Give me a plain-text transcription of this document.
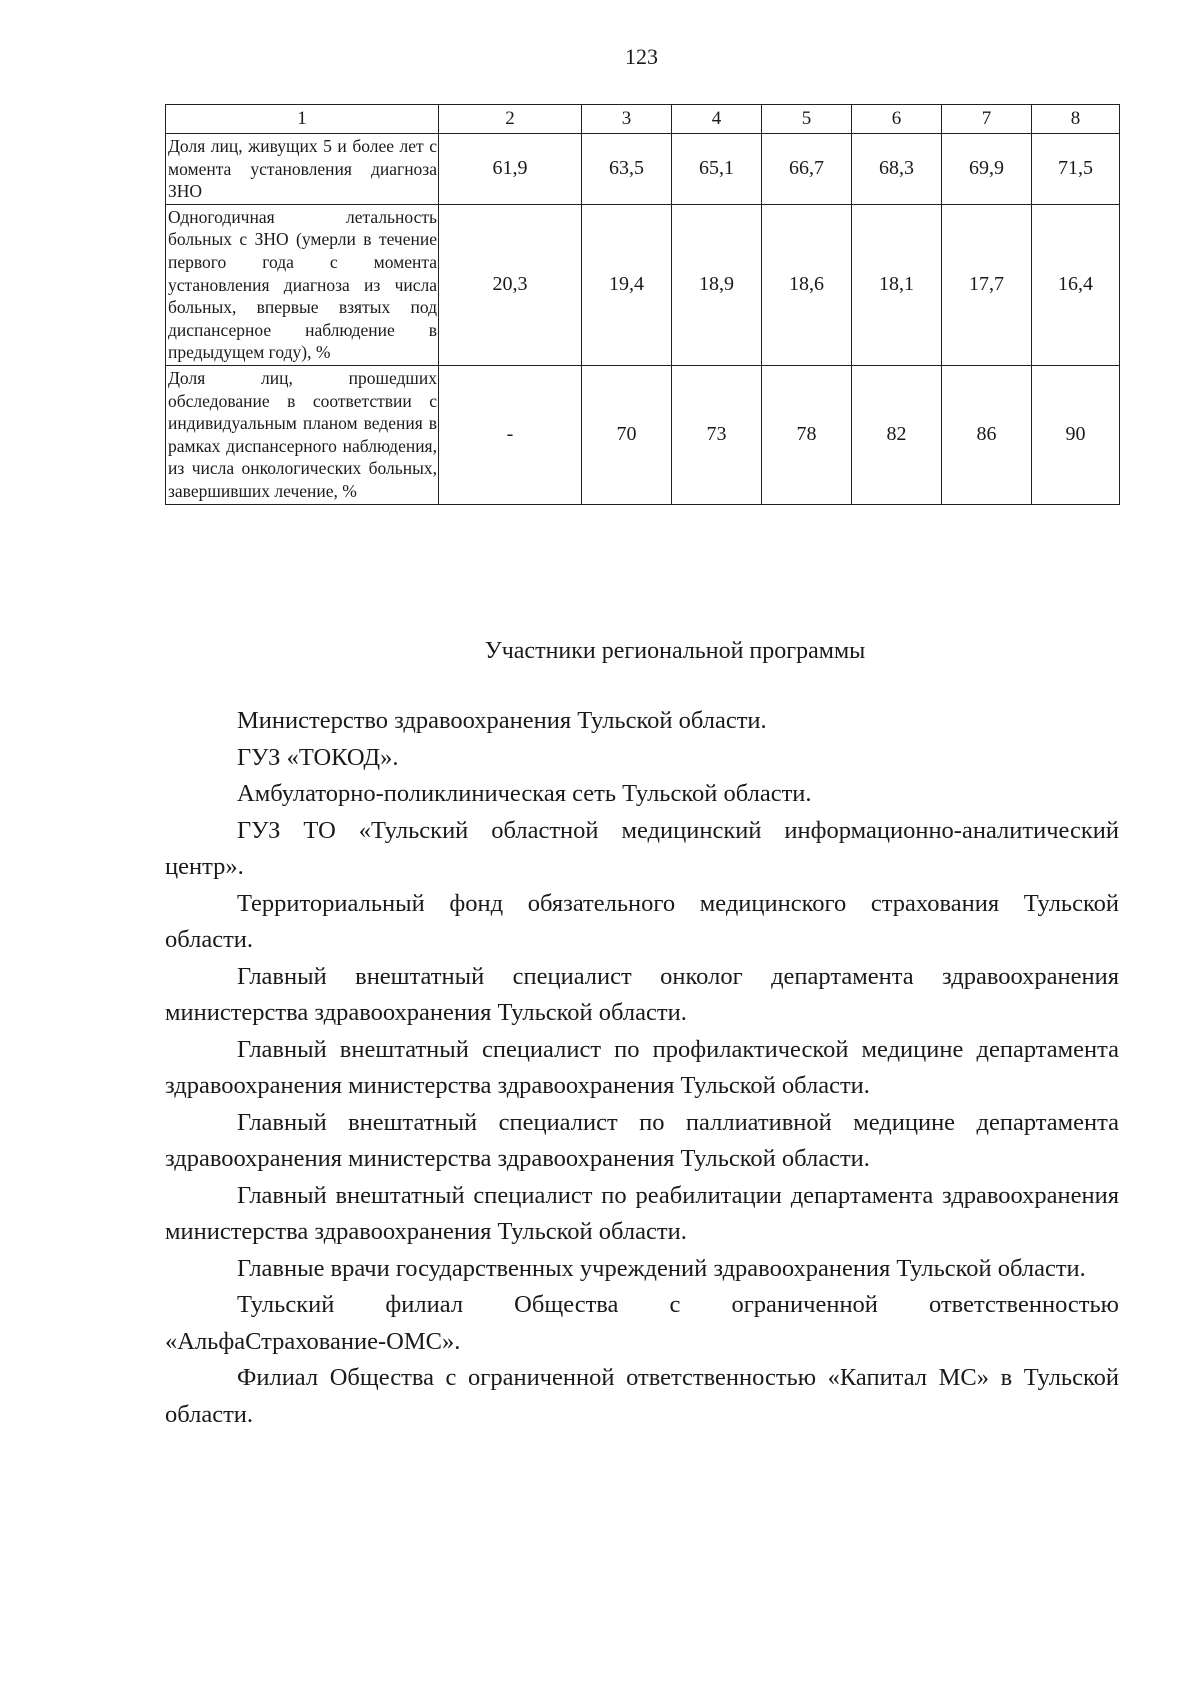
123
1	2	3	4	5	6	7	8
Доля лиц, живущих 5 и более лет с момента установления диагноза ЗНО	61,9	63,5	65,1	66,7	68,3	69,9	71,5
Одногодичная летальность больных с ЗНО (умерли в течение первого года с момента установления диагноза из числа больных, впервые взятых под диспансерное наблюдение в предыдущем году), %	20,3	19,4	18,9	18,6	18,1	17,7	16,4
Доля лиц, прошедших обследование в соответствии с индивидуальным планом ведения в рамках диспансерного наблюдения, из числа онкологических больных, завершивших лечение, %	-	70	73	78	82	86	90
Участники региональной программы

Министерство здравоохранения Тульской области.

ГУЗ «ТОКОД».

Амбулаторно-поликлиническая сеть Тульской области.

ГУЗ ТО «Тульский областной медицинский информационно-аналитический центр».

Территориальный фонд обязательного медицинского страхования Тульской области.

Главный внештатный специалист онколог департамента здравоохранения министерства здравоохранения Тульской области.

Главный внештатный специалист по профилактической медицине департамента здравоохранения министерства здравоохранения Тульской области.

Главный внештатный специалист по паллиативной медицине департамента здравоохранения министерства здравоохранения Тульской области.

Главный внештатный специалист по реабилитации департамента здравоохранения министерства здравоохранения Тульской области.

Главные врачи государственных учреждений здравоохранения Тульской области.

Тульский филиал Общества с ограниченной ответственностью «АльфаСтрахование-ОМС».

Филиал Общества с ограниченной ответственностью «Капитал МС» в Тульской области.
